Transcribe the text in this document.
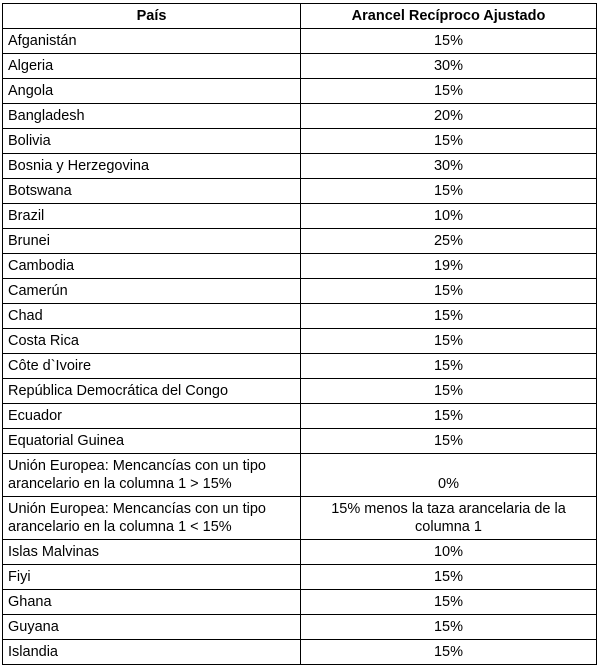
País	Arancel Recíproco Ajustado
Afganistán	15%
Algeria	30%
Angola	15%
Bangladesh	20%
Bolivia	15%
Bosnia y Herzegovina	30%
Botswana	15%
Brazil	10%
Brunei	25%
Cambodia	19%
Camerún	15%
Chad	15%
Costa Rica	15%
Côte d`Ivoire	15%
República Democrática del Congo	15%
Ecuador	15%
Equatorial Guinea	15%
Unión Europea: Mencancías con un tipo arancelario en la columna 1 > 15%	0%
Unión Europea: Mencancías con un tipo arancelario en la columna 1 < 15%	15% menos la taza arancelaria de la columna 1
Islas Malvinas	10%
Fiyi	15%
Ghana	15%
Guyana	15%
Islandia	15%
